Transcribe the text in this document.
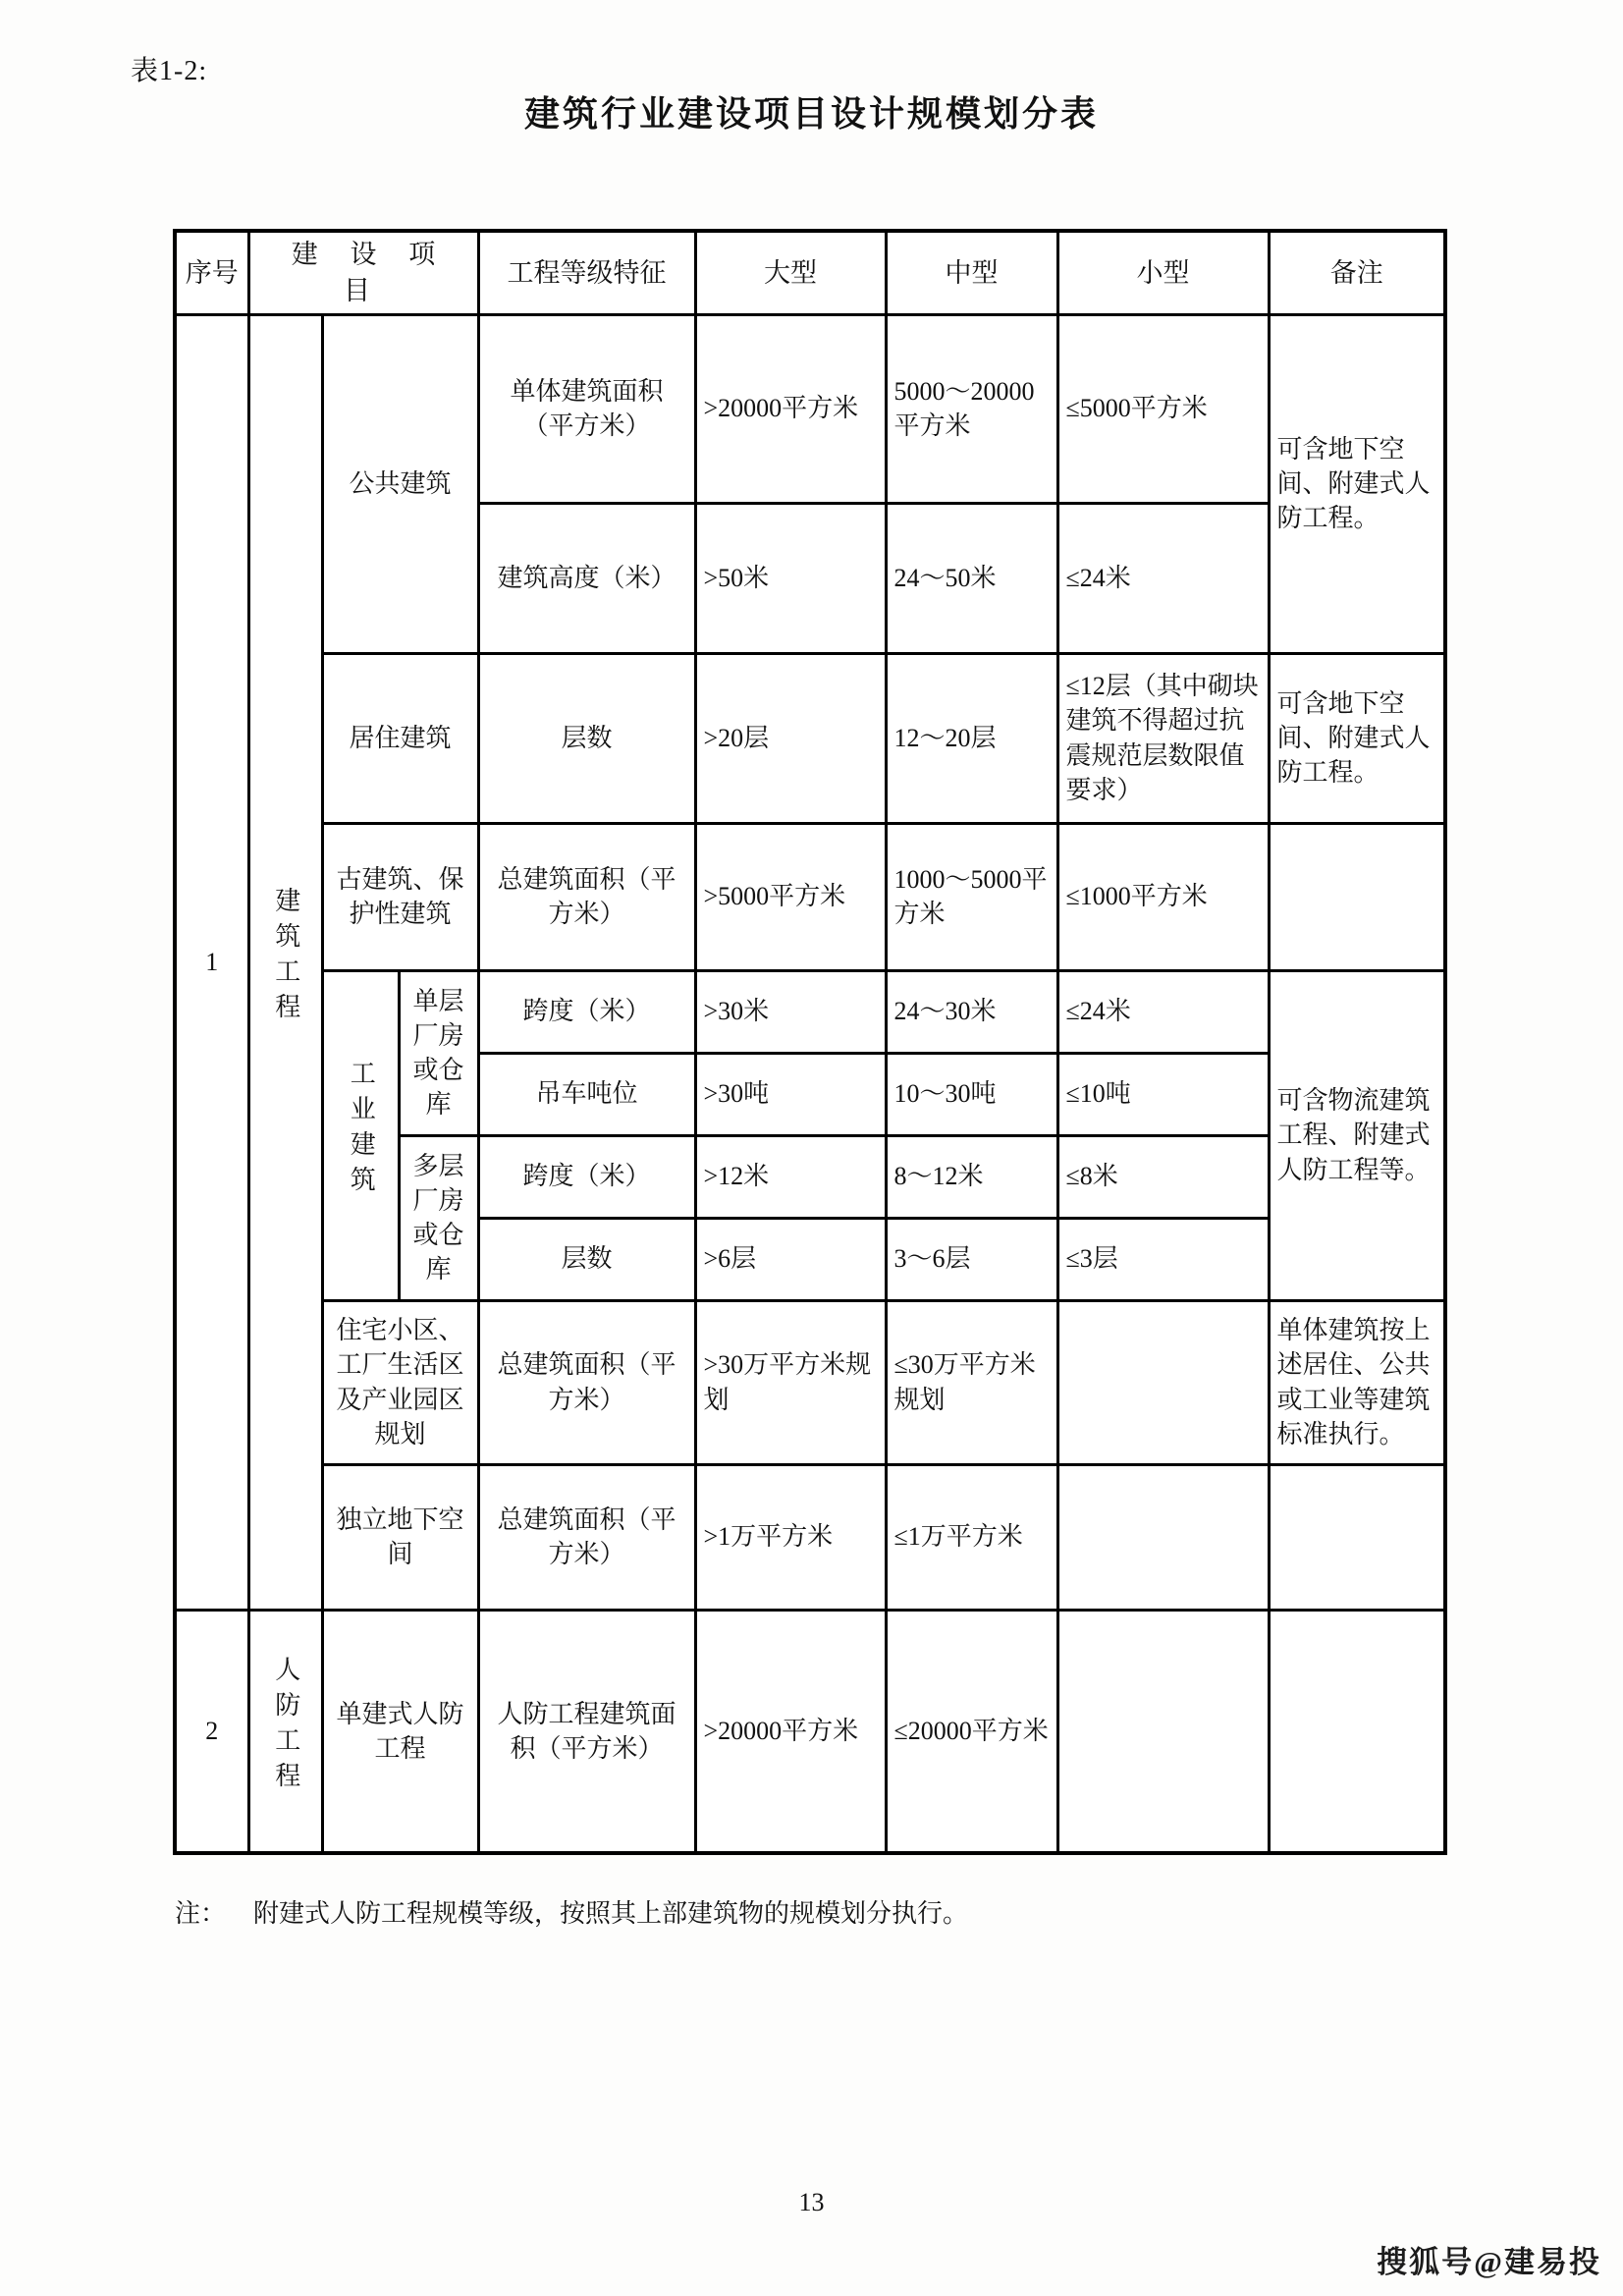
表1-2:
建筑行业建设项目设计规模划分表
序号	建 设 项 目			工程等级特征	大型	中型	小型	备注
1	建筑工程	公共建筑		单体建筑面积（平方米）	>20000平方米	5000～20000平方米	≤5000平方米	可含地下空间、附建式人防工程。
				建筑高度（米）	>50米	24～50米	≤24米	
		居住建筑		层数	>20层	12～20层	≤12层（其中砌块建筑不得超过抗震规范层数限值要求）	可含地下空间、附建式人防工程。
		古建筑、保护性建筑		总建筑面积（平方米）	>5000平方米	1000～5000平方米	≤1000平方米	
		工业建筑	单层厂房或仓库	跨度（米）	>30米	24～30米	≤24米	可含物流建筑工程、附建式人防工程等。
				吊车吨位	>30吨	10～30吨	≤10吨	
			多层厂房或仓库	跨度（米）	>12米	8～12米	≤8米	
				层数	>6层	3～6层	≤3层	
		住宅小区、工厂生活区及产业园区规划		总建筑面积（平方米）	>30万平方米规划	≤30万平方米规划		单体建筑按上述居住、公共或工业等建筑标准执行。
		独立地下空间		总建筑面积（平方米）	>1万平方米	≤1万平方米		
2	人防工程	单建式人防工程		人防工程建筑面积（平方米）	>20000平方米	≤20000平方米		
注： 附建式人防工程规模等级，按照其上部建筑物的规模划分执行。
13
搜狐号@建易投
